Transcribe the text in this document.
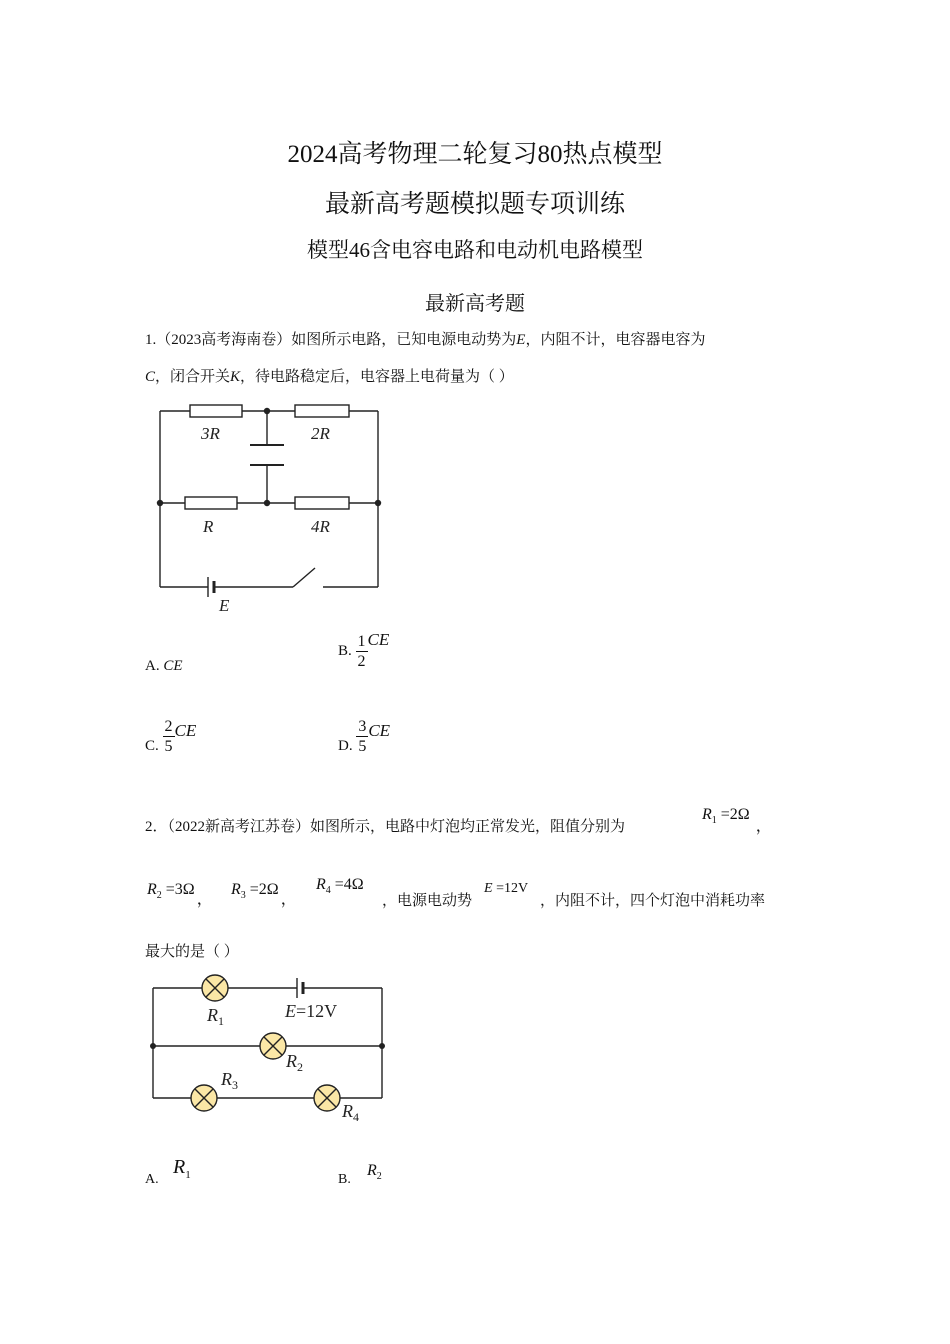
2024高考物理二轮复习80热点模型
最新高考题模拟题专项训练
模型46含电容电路和电动机电路模型
最新高考题
1.（2023高考海南卷）如图所示电路，已知电源电动势为E，内阻不计，电容器电容为
C，闭合开关K，待电路稳定后，电容器上电荷量为（ ）
3R	2R
R	4R
E
A. CE
B. $\frac{1}{2}$ CE
C. $\frac{2}{5}$ CE
D. $\frac{3}{5}$ CE
2．（2022新高考江苏卷）如图所示，电路中灯泡均正常发光，阻值分别为
$R_1 =2\Omega$，
$R_2 =3\Omega$，
$R_3 =2\Omega$，
$R_4 =4\Omega$
，电源电动势
E =12V
，内阻不计，四个灯泡中消耗功率
最大的是（ ）
$R_1$	E=12V
$R_2$
$R_3$
$R_4$
A.
$R_1$	B.
$R_2$
